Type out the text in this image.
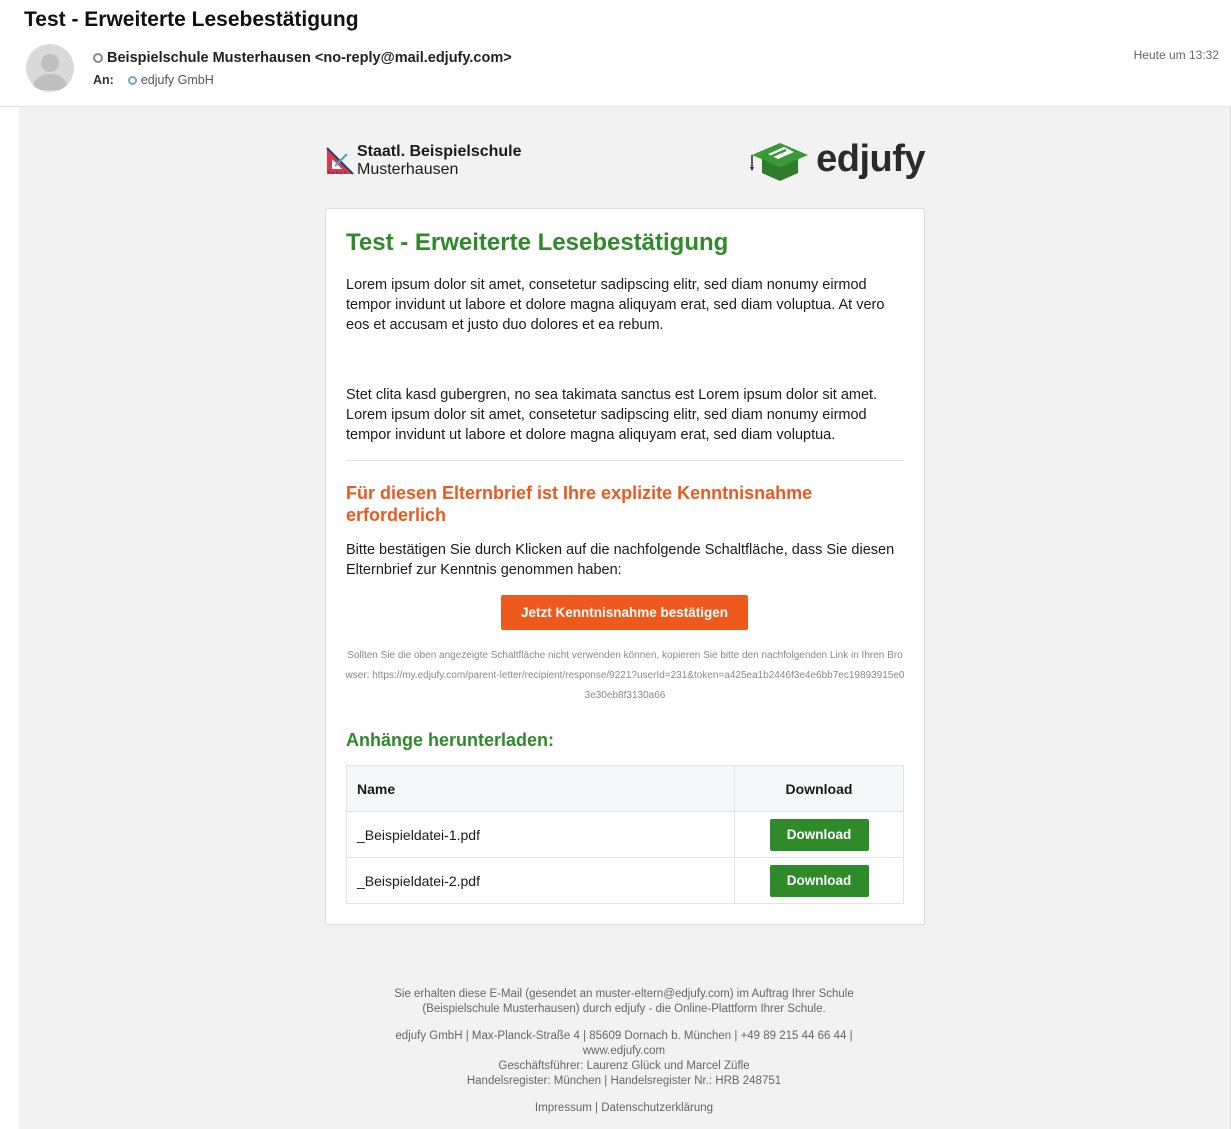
Test - Erweiterte Lesebestätigung
Beispielschule Musterhausen <no-reply@mail.edjufy.com>
An: edjufy GmbH
Heute um 13:32
Staatl. Beispielschule
Musterhausen	edjufy
Test - Erweiterte Lesebestätigung

Lorem ipsum dolor sit amet, consetetur sadipscing elitr, sed diam nonumy eirmod tempor invidunt ut labore et dolore magna aliquyam erat, sed diam voluptua. At vero eos et accusam et justo duo dolores et ea rebum.

Stet clita kasd gubergren, no sea takimata sanctus est Lorem ipsum dolor sit amet. Lorem ipsum dolor sit amet, consetetur sadipscing elitr, sed diam nonumy eirmod tempor invidunt ut labore et dolore magna aliquyam erat, sed diam voluptua.

Für diesen Elternbrief ist Ihre explizite Kenntnisnahme erforderlich

Bitte bestätigen Sie durch Klicken auf die nachfolgende Schaltfläche, dass Sie diesen Elternbrief zur Kenntnis genommen haben:

Jetzt Kenntnisnahme bestätigen

Sollten Sie die oben angezeigte Schaltfläche nicht verwenden können, kopieren Sie bitte den nachfolgenden Link in Ihren Browser: https://my.edjufy.com/parent-letter/recipient/response/9221?userId=231&token=a425ea1b2446f3e4e6bb7ec19893915e03e30eb8f3130a66

Anhänge herunterladen:
Name	Download
_Beispieldatei-1.pdf	Download
_Beispieldatei-2.pdf	Download

Sie erhalten diese E-Mail (gesendet an muster-eltern@edjufy.com) im Auftrag Ihrer Schule (Beispielschule Musterhausen) durch edjufy - die Online-Plattform Ihrer Schule.

edjufy GmbH | Max-Planck-Straße 4 | 85609 Dornach b. München | +49 89 215 44 66 44 | www.edjufy.com

Geschäftsführer: Laurenz Glück und Marcel Züfle

Handelsregister: München | Handelsregister Nr.: HRB 248751

Impressum | Datenschutzerklärung
